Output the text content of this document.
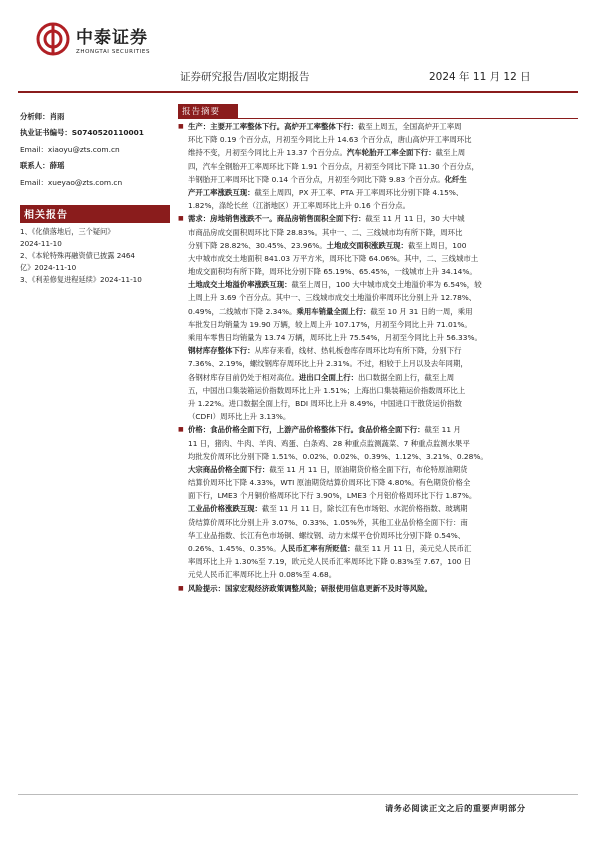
中泰证券
ZHONGTAI SECURITIES
证券研究报告/固收定期报告	2024 年 11 月 12 日
分析师： 肖雨
执业证书编号： S0740520110001
Email： xiaoyu@zts.com.cn
联系人： 薛瑶
Email： xueyao@zts.com.cn
相关报告
1、《化债落地后，三个疑问》
2024-11-10
2、《本轮特殊再融资债已披露 2464
亿》2024-11-10
3、《利差修复进程延续》2024-11-10
报告摘要
■ 生产：主要开工率整体下行。高炉开工率整体下行：截至上周五，全国高炉开工率周
环比下降 0.19 个百分点，月初至今同比上升 14.63 个百分点，唐山高炉开工率周环比
维持不变，月初至今同比上升 13.37 个百分点。汽车轮胎开工率全面下行：截至上周
四，汽车全钢胎开工率周环比下降 1.91 个百分点，月初至今同比下降 11.30 个百分点，
半钢胎开工率周环比下降 0.14 个百分点，月初至今同比下降 9.83 个百分点。化纤生
产开工率涨跌互现：截至上周四，PX 开工率、PTA 开工率周环比分别下降 4.15%、
1.82%，涤纶长丝（江浙地区）开工率周环比上升 0.16 个百分点。
■ 需求：房地销售涨跌不一。商品房销售面积全面下行：截至 11 月 11 日，30 大中城
市商品房成交面积周环比下降 28.83%。其中一、二、三线城市均有所下降，周环比
分别下降 28.82%、30.45%、23.96%。土地成交面积涨跌互现：截至上周日，100
大中城市成交土地面积 841.03 万平方米，周环比下降 64.06%。其中，二、三线城市土
地成交面积均有所下降，周环比分别下降 65.19%、65.45%，一线城市上升 34.14%。
土地成交土地溢价率涨跌互现：截至上周日，100 大中城市成交土地溢价率为 6.54%，较
上周上升 3.69 个百分点。其中一、三线城市成交土地溢价率周环比分别上升 12.78%、
0.49%，二线城市下降 2.34%。乘用车销量全面上行：截至 10 月 31 日的一周，乘用
车批发日均销量为 19.90 万辆，较上周上升 107.17%，月初至今同比上升 71.01%。
乘用车零售日均销量为 13.74 万辆，周环比上升 75.54%，月初至今同比上升 56.33%。
钢材库存整体下行：从库存来看，线材、热轧板卷库存周环比均有所下降，分别下行
7.36%、2.19%，螺纹钢库存周环比上升 2.31%。不过，相较于上月以及去年同期，
各钢材库存目前仍处于相对高位。进出口全面上行：出口数据全面上行，截至上周
五，中国出口集装箱运价指数周环比上升 1.51%；上海出口集装箱运价指数周环比上
升 1.22%。进口数据全面上行，BDI 周环比上升 8.49%，中国进口干散货运价指数
（CDFI）周环比上升 3.13%。
■ 价格：食品价格全面下行，上游产品价格整体下行。食品价格全面下行：截至 11 月
11 日，猪肉、牛肉、羊肉、鸡蛋、白条鸡、28 种重点监测蔬菜、7 种重点监测水果平
均批发价周环比分别下降 1.51%、0.02%、0.02%、0.39%、1.12%、3.21%、0.28%。
大宗商品价格全面下行：截至 11 月 11 日，原油期货价格全面下行，布伦特原油期货
结算价周环比下降 4.33%，WTI 原油期货结算价周环比下降 4.80%。有色期货价格全
面下行，LME3 个月铜价格周环比下行 3.90%，LME3 个月铝价格周环比下行 1.87%。
工业品价格涨跌互现：截至 11 月 11 日，除长江有色市场铝、水泥价格指数、玻璃期
货结算价周环比分别上升 3.07%、0.33%、1.05%外，其他工业品价格全面下行：南
华工业品指数、长江有色市场铜、螺纹钢、动力末煤平仓价周环比分别下降 0.54%、
0.26%、1.45%、0.35%。人民币汇率有所贬值：截至 11 月 11 日，美元兑人民币汇
率周环比上升 1.30%至 7.19，欧元兑人民币汇率周环比下降 0.83%至 7.67，100 日
元兑人民币汇率周环比上升 0.08%至 4.68。
■ 风险提示：国家宏观经济政策调整风险；研报使用信息更新不及时等风险。
请务必阅读正文之后的重要声明部分
